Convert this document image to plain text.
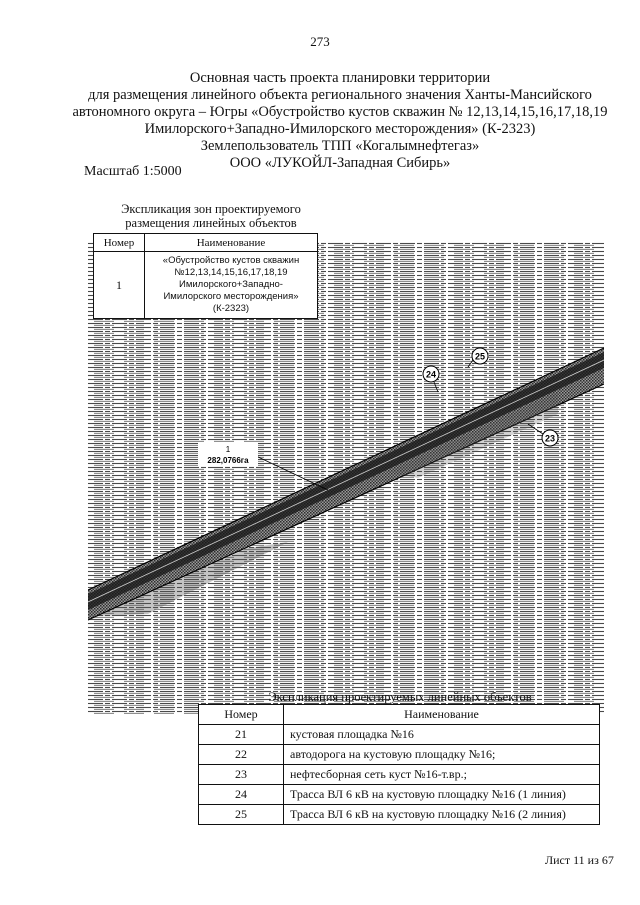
273
Основная часть проекта планировки территории
для размещения линейного объекта регионального значения Ханты-Мансийского
автономного округа – Югры «Обустройство кустов скважин № 12,13,14,15,16,17,18,19
Имилорского+Западно-Имилорского месторождения» (К-2323)
Землепользователь ТПП «Когалымнефтегаз»
ООО «ЛУКОЙЛ-Западная Сибирь»
Масштаб 1:5000
1
282,0766га
25
24
23
Экспликация зон проектируемого
размещения линейных объектов
Номер	Наименование
1	«Обустройство кустов скважин
№12,13,14,15,16,17,18,19
Имилорского+Западно-
Имилорского месторождения»
(К-2323)
Экспликация проектируемых линейных объектов
Номер	Наименование
21	кустовая площадка №16
22	автодорога на кустовую площадку №16;
23	нефтесборная сеть куст №16-т.вр.;
24	Трасса ВЛ 6 кВ на кустовую площадку №16 (1 линия)
25	Трасса ВЛ 6 кВ на кустовую площадку №16 (2 линия)
Лист 11 из 67
